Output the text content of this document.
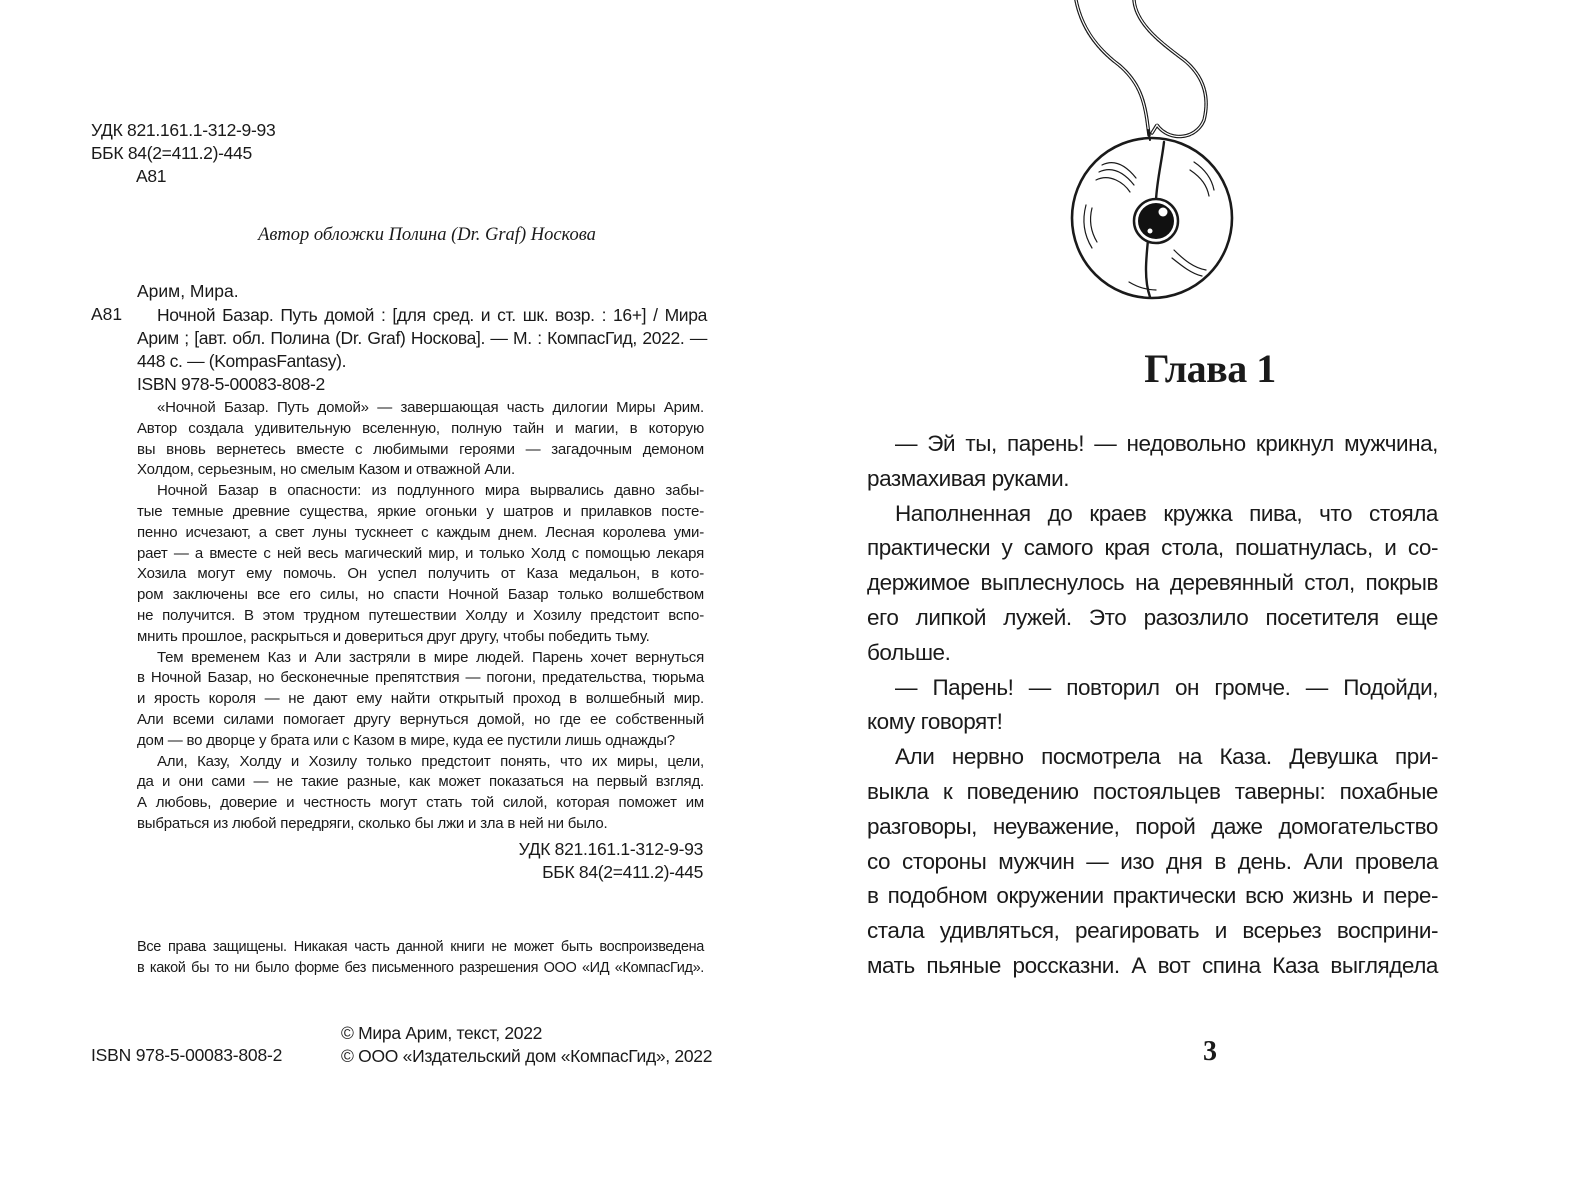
УДК 821.161.1-312-9-93
ББК 84(2=411.2)-445
А81
Автор обложки Полина (Dr. Graf) Носкова
Арим, Мира.
А81	Ночной Базар. Путь домой : [для сред. и ст. шк. возр. : 16+] / Мира
Арим ; [авт. обл. Полина (Dr. Graf) Носкова]. — М. : КомпасГид, 2022. —
448 с. — (KompasFantasy).
ISBN 978-5-00083-808-2
«Ночной Базар. Путь домой» — завершающая часть дилогии Миры Арим.
Автор создала удивительную вселенную, полную тайн и магии, в которую
вы вновь вернетесь вместе с любимыми героями — загадочным демоном
Холдом, серьезным, но смелым Казом и отважной Али.
Ночной Базар в опасности: из подлунного мира вырвались давно забы-
тые темные древние существа, яркие огоньки у шатров и прилавков посте-
пенно исчезают, а свет луны тускнеет с каждым днем. Лесная королева уми-
рает — а вместе с ней весь магический мир, и только Холд с помощью лекаря
Хозила могут ему помочь. Он успел получить от Каза медальон, в кото-
ром заключены все его силы, но спасти Ночной Базар только волшебством
не получится. В этом трудном путешествии Холду и Хозилу предстоит вспо-
мнить прошлое, раскрыться и довериться друг другу, чтобы победить тьму.
Тем временем Каз и Али застряли в мире людей. Парень хочет вернуться
в Ночной Базар, но бесконечные препятствия — погони, предательства, тюрьма
и ярость короля — не дают ему найти открытый проход в волшебный мир.
Али всеми силами помогает другу вернуться домой, но где ее собственный
дом — во дворце у брата или с Казом в мире, куда ее пустили лишь однажды?
Али, Казу, Холду и Хозилу только предстоит понять, что их миры, цели,
да и они сами — не такие разные, как может показаться на первый взгляд.
А любовь, доверие и честность могут стать той силой, которая поможет им
выбраться из любой передряги, сколько бы лжи и зла в ней ни было.
УДК 821.161.1-312-9-93
ББК 84(2=411.2)-445
Все права защищены. Никакая часть данной книги не может быть воспроизведена
в какой бы то ни было форме без письменного разрешения ООО «ИД «КомпасГид».
ISBN 978-5-00083-808-2
© Мира Арим, текст, 2022
© ООО «Издательский дом «КомпасГид», 2022
Глава 1
— Эй ты, парень! — недовольно крикнул мужчина,
размахивая руками.
Наполненная до краев кружка пива, что стояла
практически у самого края стола, пошатнулась, и со-
держимое выплеснулось на деревянный стол, покрыв
его липкой лужей. Это разозлило посетителя еще
больше.
— Парень! — повторил он громче. — Подойди,
кому говорят!
Али нервно посмотрела на Каза. Девушка при-
выкла к поведению постояльцев таверны: похабные
разговоры, неуважение, порой даже домогательство
со стороны мужчин — изо дня в день. Али провела
в подобном окружении практически всю жизнь и пере-
стала удивляться, реагировать и всерьез восприни-
мать пьяные россказни. А вот спина Каза выглядела
3
